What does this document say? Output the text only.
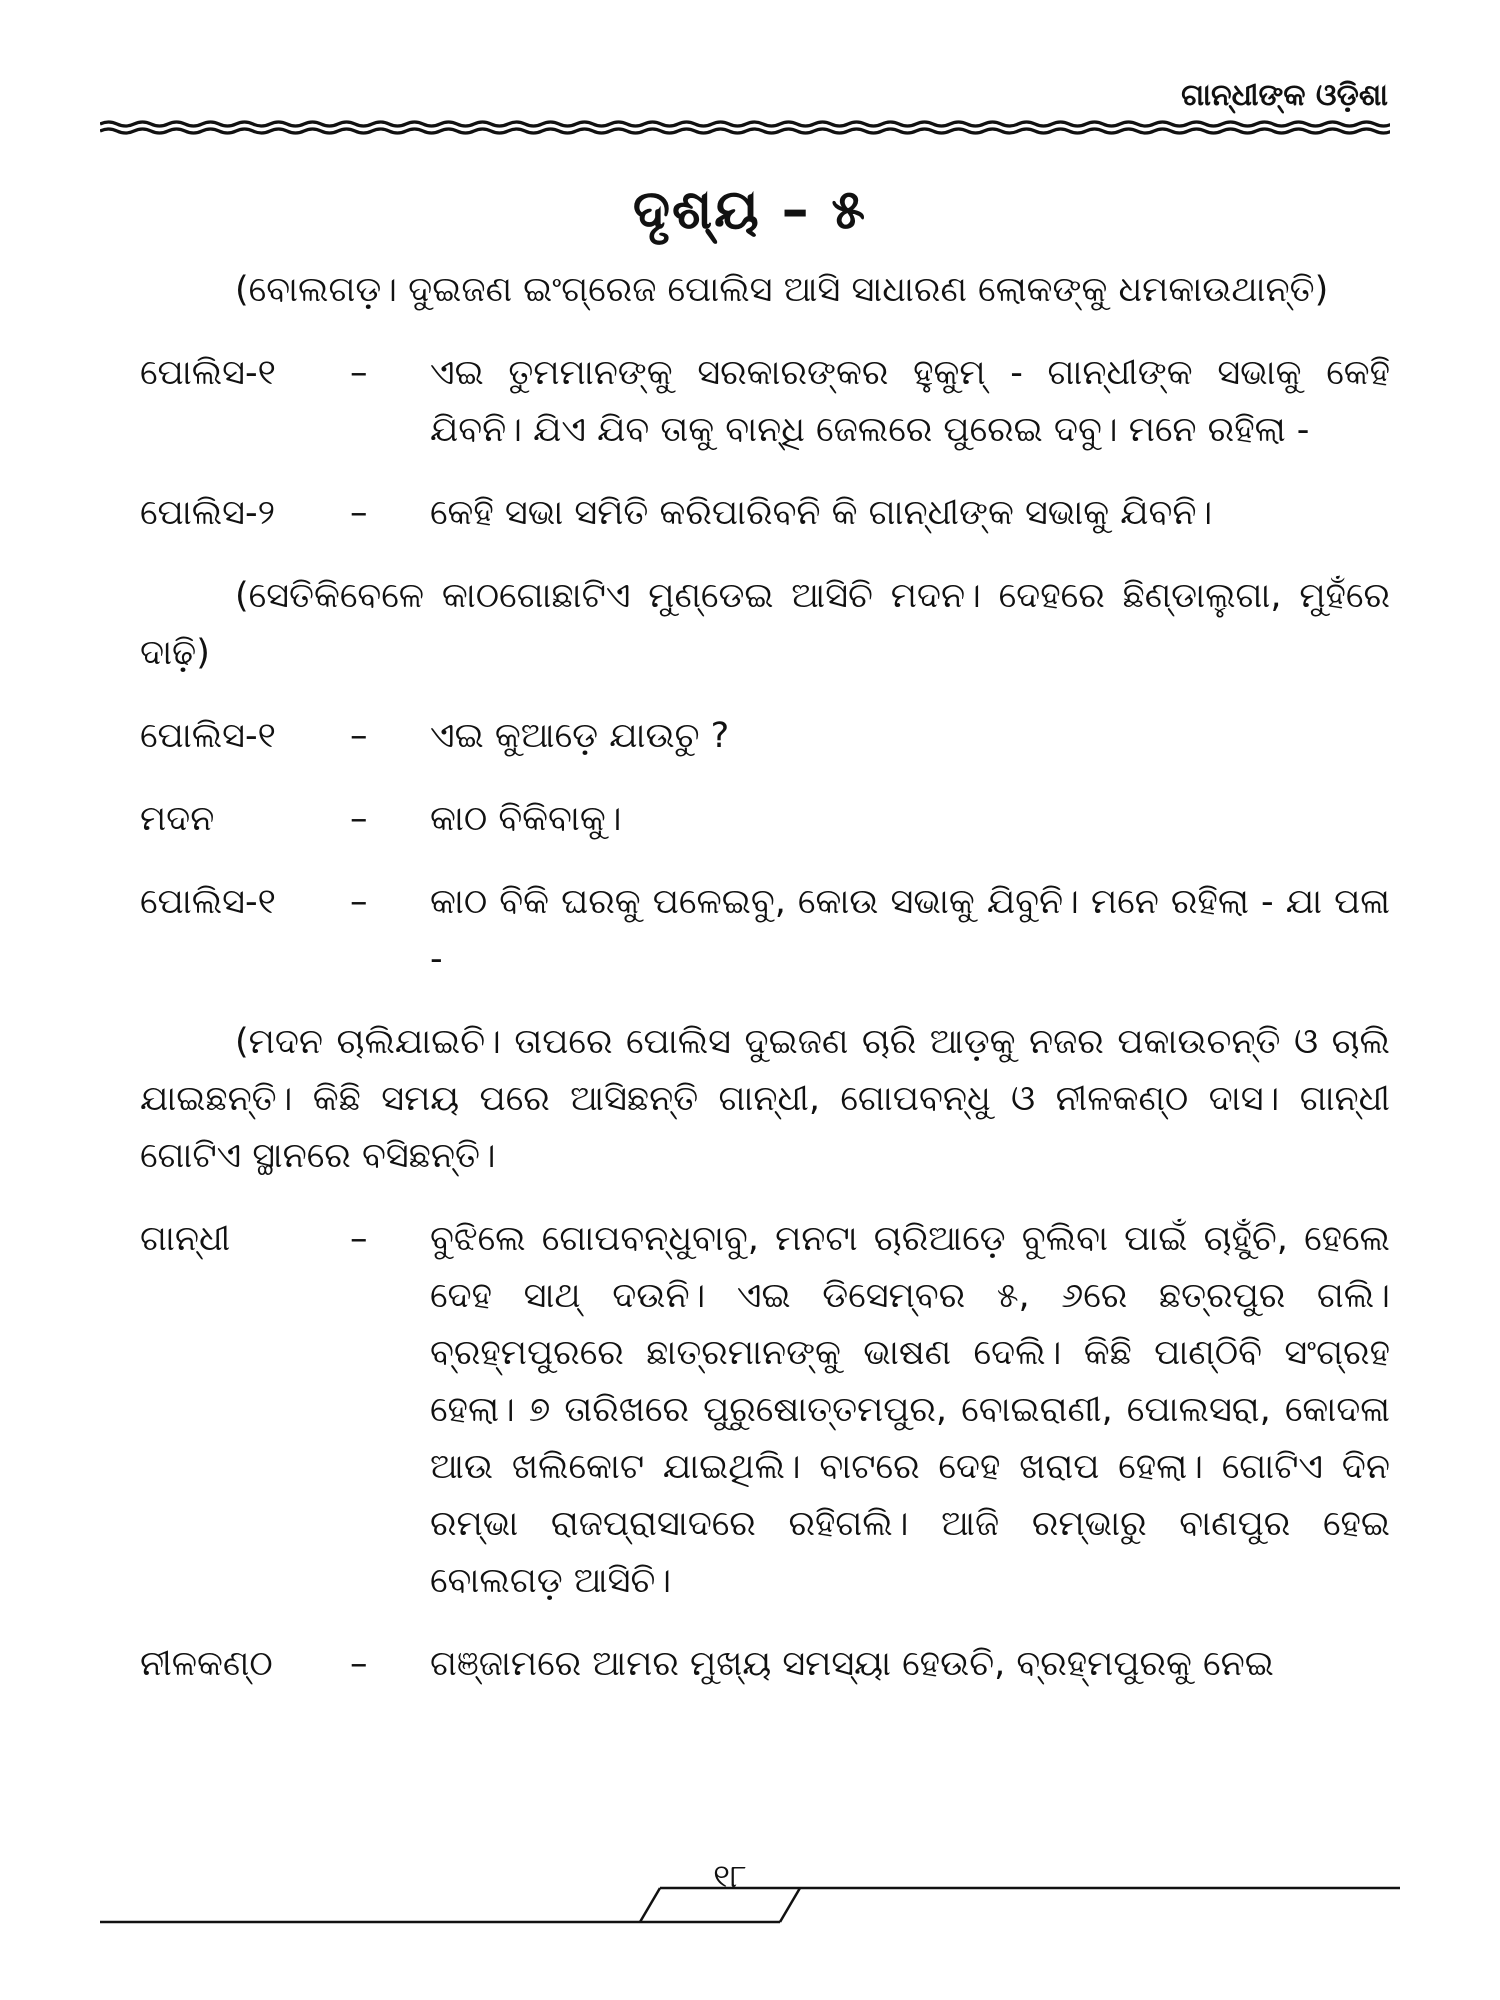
ଗାନ୍ଧୀଙ୍କ ଓଡ଼ିଶା
ଦୃଶ୍ୟ – ୫

(ବୋଲଗଡ଼। ଦୁଇଜଣ ଇଂଗ୍ରେଜ ପୋଲିସ ଆସି ସାଧାରଣ ଲୋକଙ୍କୁ ଧମକାଉଥାନ୍ତି)

ପୋଲିସ-୧	–	ଏଇ ତୁମମାନଙ୍କୁ ସରକାରଙ୍କର ହୁକୁମ୍ - ଗାନ୍ଧୀଙ୍କ ସଭାକୁ କେହି ଯିବନି। ଯିଏ ଯିବ ତାକୁ ବାନ୍ଧି ଜେଲରେ ପୁରେଇ ଦବୁ। ମନେ ରହିଲା -
ପୋଲିସ-୨	–	କେହି ସଭା ସମିତି କରିପାରିବନି କି ଗାନ୍ଧୀଙ୍କ ସଭାକୁ ଯିବନି।

(ସେତିକିବେଳେ କାଠଗୋଛାଟିଏ ମୁଣ୍ଡେଇ ଆସିଚି ମଦନ। ଦେହରେ ଛିଣ୍ଡାଲୁଗା, ମୁହଁରେ ଦାଢ଼ି)

ପୋଲିସ-୧	–	ଏଇ କୁଆଡ଼େ ଯାଉଚୁ ?
ମଦନ	–	କାଠ ବିକିବାକୁ।
ପୋଲିସ-୧	–	କାଠ ବିକି ଘରକୁ ପଳେଇବୁ, କୋଉ ସଭାକୁ ଯିବୁନି। ମନେ ରହିଲା - ଯା ପଳା -

(ମଦନ ଚାଲିଯାଇଚି। ତାପରେ ପୋଲିସ ଦୁଇଜଣ ଚାରି ଆଡ଼କୁ ନଜର ପକାଉଚନ୍ତି ଓ ଚାଲି ଯାଇଛନ୍ତି। କିଛି ସମୟ ପରେ ଆସିଛନ୍ତି ଗାନ୍ଧୀ, ଗୋପବନ୍ଧୁ ଓ ନୀଳକଣ୍ଠ ଦାସ। ଗାନ୍ଧୀ ଗୋଟିଏ ସ୍ଥାନରେ ବସିଛନ୍ତି।

ଗାନ୍ଧୀ	–	ବୁଝିଲେ ଗୋପବନ୍ଧୁବାବୁ, ମନଟା ଚାରିଆଡ଼େ ବୁଲିବା ପାଇଁ ଚାହୁଁଚି, ହେଲେ ଦେହ ସାଥ୍ ଦଉନି। ଏଇ ଡିସେମ୍ବର ୫, ୬ରେ ଛତ୍ରପୁର ଗଲି। ବ୍ରହ୍ମପୁରରେ ଛାତ୍ରମାନଙ୍କୁ ଭାଷଣ ଦେଲି। କିଛି ପାଣ୍ଠିବି ସଂଗ୍ରହ ହେଲା। ୭ ତାରିଖରେ ପୁରୁଷୋତ୍ତମପୁର, ବୋଇରାଣୀ, ପୋଲସରା, କୋଦଳା ଆଉ ଖଲିକୋଟ ଯାଇଥିଲି। ବାଟରେ ଦେହ ଖରାପ ହେଲା। ଗୋଟିଏ ଦିନ ରମ୍ଭା ରାଜପ୍ରାସାଦରେ ରହିଗଲି। ଆଜି ରମ୍ଭାରୁ ବାଣପୁର ହେଇ ବୋଲଗଡ଼ ଆସିଚି।
ନୀଳକଣ୍ଠ	–	ଗଞ୍ଜାମରେ ଆମର ମୁଖ୍ୟ ସମସ୍ୟା ହେଉଚି, ବ୍ରହ୍ମପୁରକୁ ନେଇ
୧୮
